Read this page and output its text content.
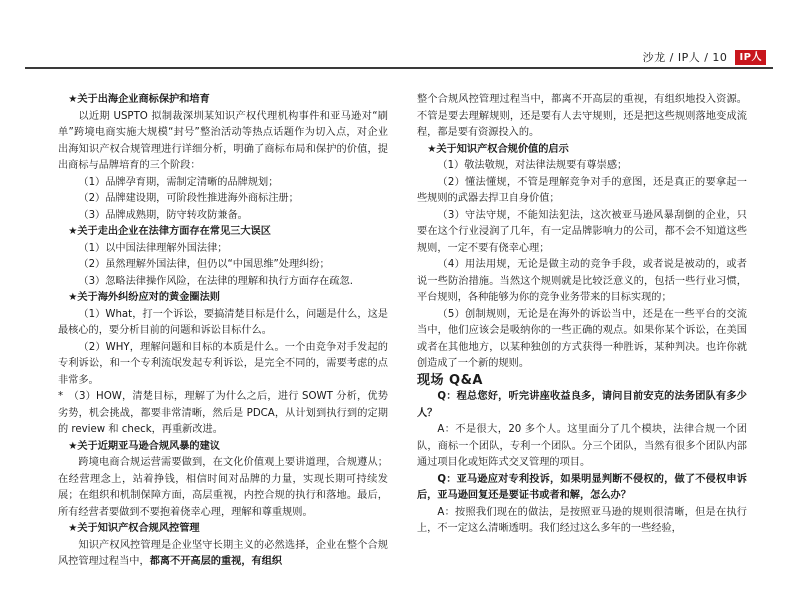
沙龙 / IP人 / 10	IP人

★关于出海企业商标保护和培育

以近期 USPTO 拟制裁深圳某知识产权代理机构事件和亚马逊对“刷单”跨境电商实施大规模“封号”整治活动等热点话题作为切入点，对企业出海知识产权合规管理进行详细分析，明确了商标布局和保护的价值，提出商标与品牌培育的三个阶段：

（1）品牌孕育期，需制定清晰的品牌规划；

（2）品牌建设期，可阶段性推进海外商标注册；

（3）品牌成熟期，防守转攻防兼备。

★关于走出企业在法律方面存在常见三大误区

（1）以中国法律理解外国法律；

（2）虽然理解外国法律，但仍以“中国思维”处理纠纷；

（3）忽略法律操作风险，在法律的理解和执行方面存在疏忽.

★关于海外纠纷应对的黄金圈法则

（1）What，打一个诉讼，要搞清楚目标是什么，问题是什么，这是最核心的，要分析目前的问题和诉讼目标什么。

（2）WHY，理解问题和目标的本质是什么。一个由竞争对手发起的专利诉讼，和一个专利流氓发起专利诉讼，是完全不同的，需要考虑的点非常多。

*　（3）HOW，清楚目标，理解了为什么之后，进行 SOWT 分析，优势劣势，机会挑战，都要非常清晰，然后是 PDCA，从计划到执行到的定期的 review 和 check，再重新改进。

★关于近期亚马逊合规风暴的建议

跨境电商合规运营需要做到，在文化价值观上要讲道理，合规遵从；在经营理念上，站着挣钱，相信时间对品牌的力量，实现长期可持续发展；在组织和机制保障方面，高层重视，内控合规的执行和落地。最后，所有经营者要做到不要抱着侥幸心理，理解和尊重规则。

★关于知识产权合规风控管理

知识产权风控管理是企业坚守长期主义的必然选择，企业在整个合规风控管理过程当中，都离不开高层的重视，有组织

整个合规风控管理过程当中，都离不开高层的重视，有组织地投入资源。不管是要去理解规则，还是要有人去守规则，还是把这些规则落地变成流程，都是要有资源投入的。

★关于知识产权合规价值的启示

（1）敬法敬规，对法律法规要有尊崇感；

（2）懂法懂规，不管是理解竞争对手的意图，还是真正的要拿起一些规则的武器去捍卫自身价值；

（3）守法守规，不能知法犯法，这次被亚马逊风暴刮倒的企业，只要在这个行业浸润了几年，有一定品牌影响力的公司，都不会不知道这些规则，一定不要有侥幸心理；

（4）用法用规，无论是做主动的竞争手段，或者说是被动的，或者说一些防治措施。当然这个规则就是比较泛意义的，包括一些行业习惯，平台规则，各种能够为你的竞争业务带来的目标实现的；

（5）创制规则，无论是在海外的诉讼当中，还是在一些平台的交流当中，他们应该会是吸纳你的一些正确的观点。如果你某个诉讼，在美国或者在其他地方，以某种独创的方式获得一种胜诉，某种判决。也许你就创造成了一个新的规则。

现场 Q&A

Q：程总您好，听完讲座收益良多，请问目前安克的法务团队有多少人？

A：不是很大，20 多个人。这里面分了几个模块，法律合规一个团队，商标一个团队，专利一个团队。分三个团队，当然有很多个团队内部通过项目化或矩阵式交叉管理的项目。

Q：亚马逊应对专利投诉，如果明显判断不侵权的，做了不侵权申诉后，亚马逊回复还是要证书或者和解，怎么办？

A：按照我们现在的做法，是按照亚马逊的规则很清晰，但是在执行上，不一定这么清晰透明。我们经过这么多年的一些经验，
